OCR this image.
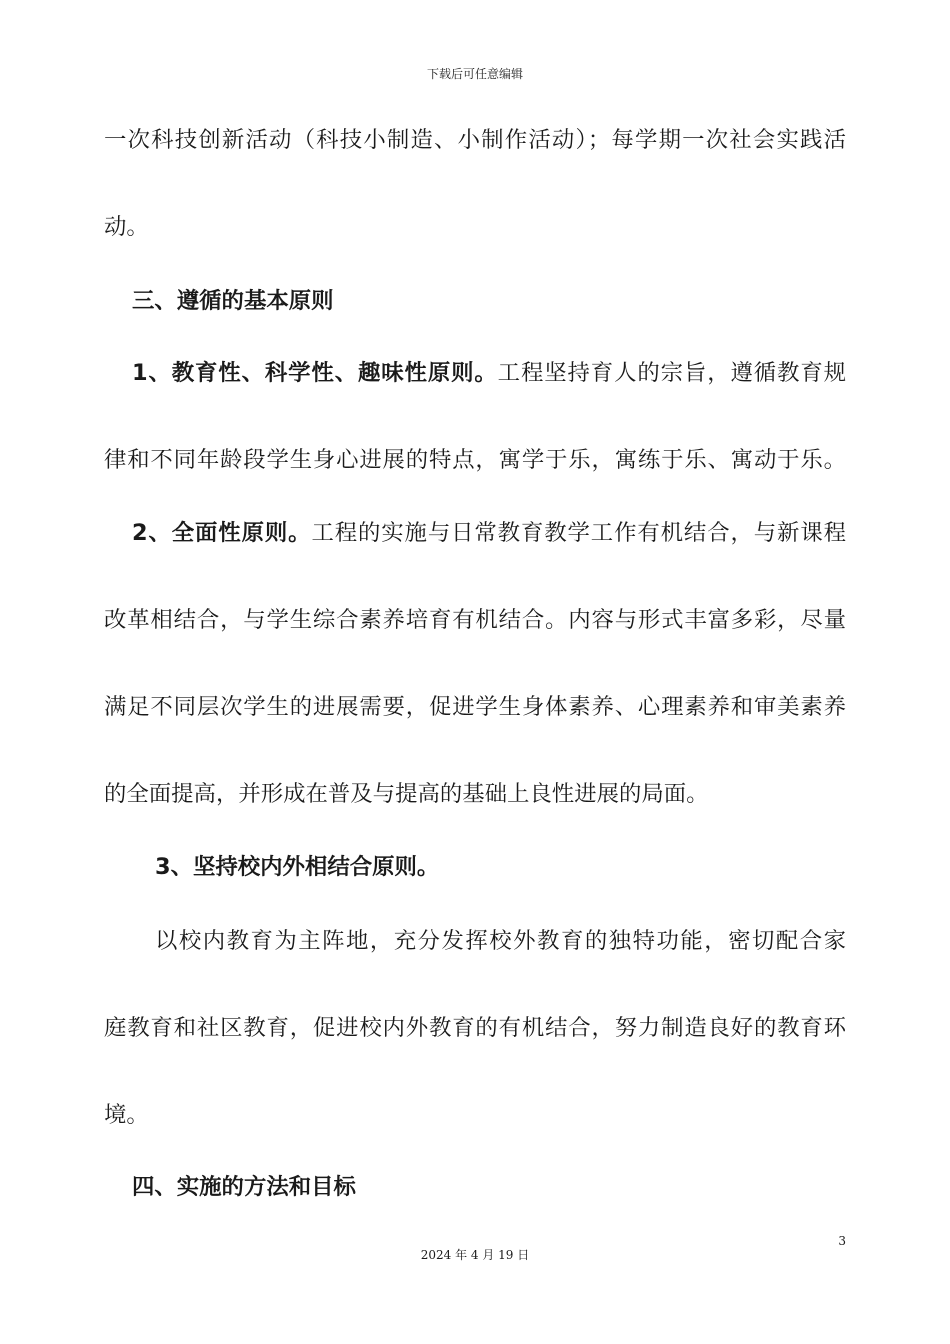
下载后可任意编辑
一次科技创新活动（科技小制造、小制作活动）；每学期一次社会实践活
动。
三、遵循的基本原则
1、教育性、科学性、趣味性原则。工程坚持育人的宗旨，遵循教育规
律和不同年龄段学生身心进展的特点，寓学于乐，寓练于乐、寓动于乐。
2、全面性原则。工程的实施与日常教育教学工作有机结合，与新课程
改革相结合，与学生综合素养培育有机结合。内容与形式丰富多彩，尽量
满足不同层次学生的进展需要，促进学生身体素养、心理素养和审美素养
的全面提高，并形成在普及与提高的基础上良性进展的局面。
3、坚持校内外相结合原则。
以校内教育为主阵地，充分发挥校外教育的独特功能，密切配合家
庭教育和社区教育，促进校内外教育的有机结合，努力制造良好的教育环
境。
四、实施的方法和目标
3
2024 年 4 月 19 日
